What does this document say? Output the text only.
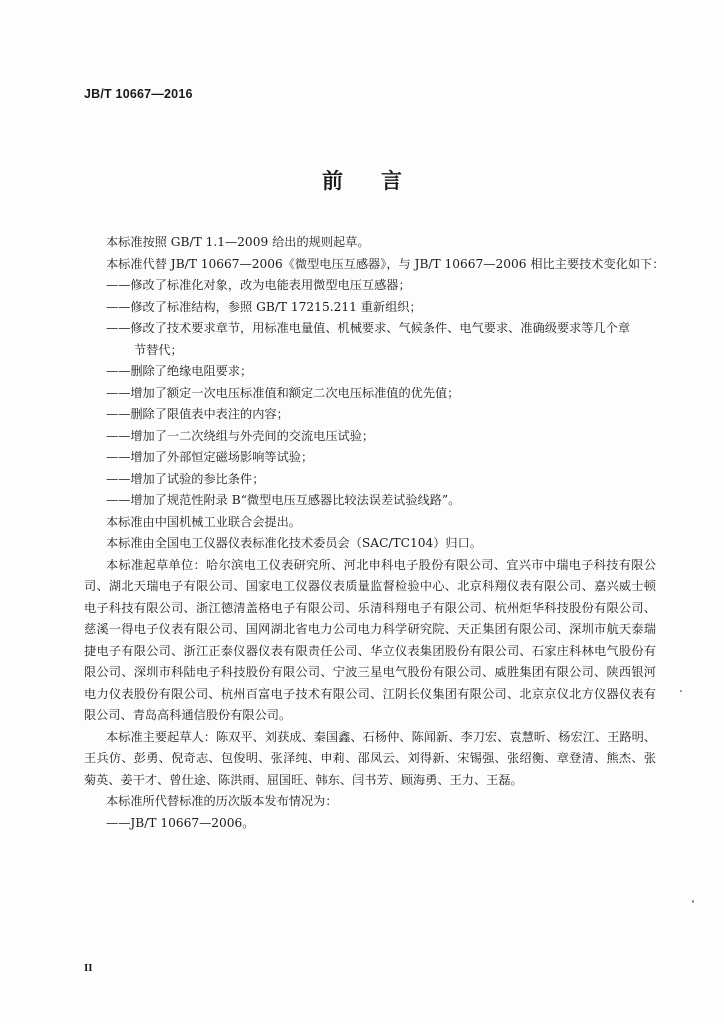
JB/T 10667—2016
前言

本标准按照 GB/T 1.1—2009 给出的规则起草。

本标准代替 JB/T 10667—2006《微型电压互感器》，与 JB/T 10667—2006 相比主要技术变化如下：

——修改了标准化对象，改为电能表用微型电压互感器；

——修改了标准结构，参照 GB/T 17215.211 重新组织；

——修改了技术要求章节，用标准电量值、机械要求、气候条件、电气要求、准确级要求等几个章

节替代；

——删除了绝缘电阻要求；

——增加了额定一次电压标准值和额定二次电压标准值的优先值；

——删除了限值表中表注的内容；

——增加了一二次绕组与外壳间的交流电压试验；

——增加了外部恒定磁场影响等试验；

——增加了试验的参比条件；

——增加了规范性附录 B“微型电压互感器比较法误差试验线路”。

本标准由中国机械工业联合会提出。

本标准由全国电工仪器仪表标准化技术委员会（SAC/TC104）归口。

本标准起草单位：哈尔滨电工仪表研究所、河北申科电子股份有限公司、宜兴市中瑞电子科技有限公司、湖北天瑞电子有限公司、国家电工仪器仪表质量监督检验中心、北京科翔仪表有限公司、嘉兴威士顿电子科技有限公司、浙江德清盖格电子有限公司、乐清科翔电子有限公司、杭州炬华科技股份有限公司、慈溪一得电子仪表有限公司、国网湖北省电力公司电力科学研究院、天正集团有限公司、深圳市航天泰瑞捷电子有限公司、浙江正泰仪器仪表有限责任公司、华立仪表集团股份有限公司、石家庄科林电气股份有限公司、深圳市科陆电子科技股份有限公司、宁波三星电气股份有限公司、威胜集团有限公司、陕西银河电力仪表股份有限公司、杭州百富电子技术有限公司、江阴长仪集团有限公司、北京京仪北方仪器仪表有限公司、青岛高科通信股份有限公司。

本标准主要起草人：陈双平、刘获成、秦国鑫、石杨仲、陈闻新、李刀宏、袁慧昕、杨宏江、王路明、王兵仿、彭勇、倪奇志、包俊明、张泽纯、申莉、邵凤云、刘得新、宋锡强、张绍衡、章登清、熊杰、张菊英、姜干才、曾仕途、陈洪雨、屈国旺、韩东、闫书芳、顾海勇、王力、王磊。

本标准所代替标准的历次版本发布情况为：

——JB/T 10667—2006。

II
